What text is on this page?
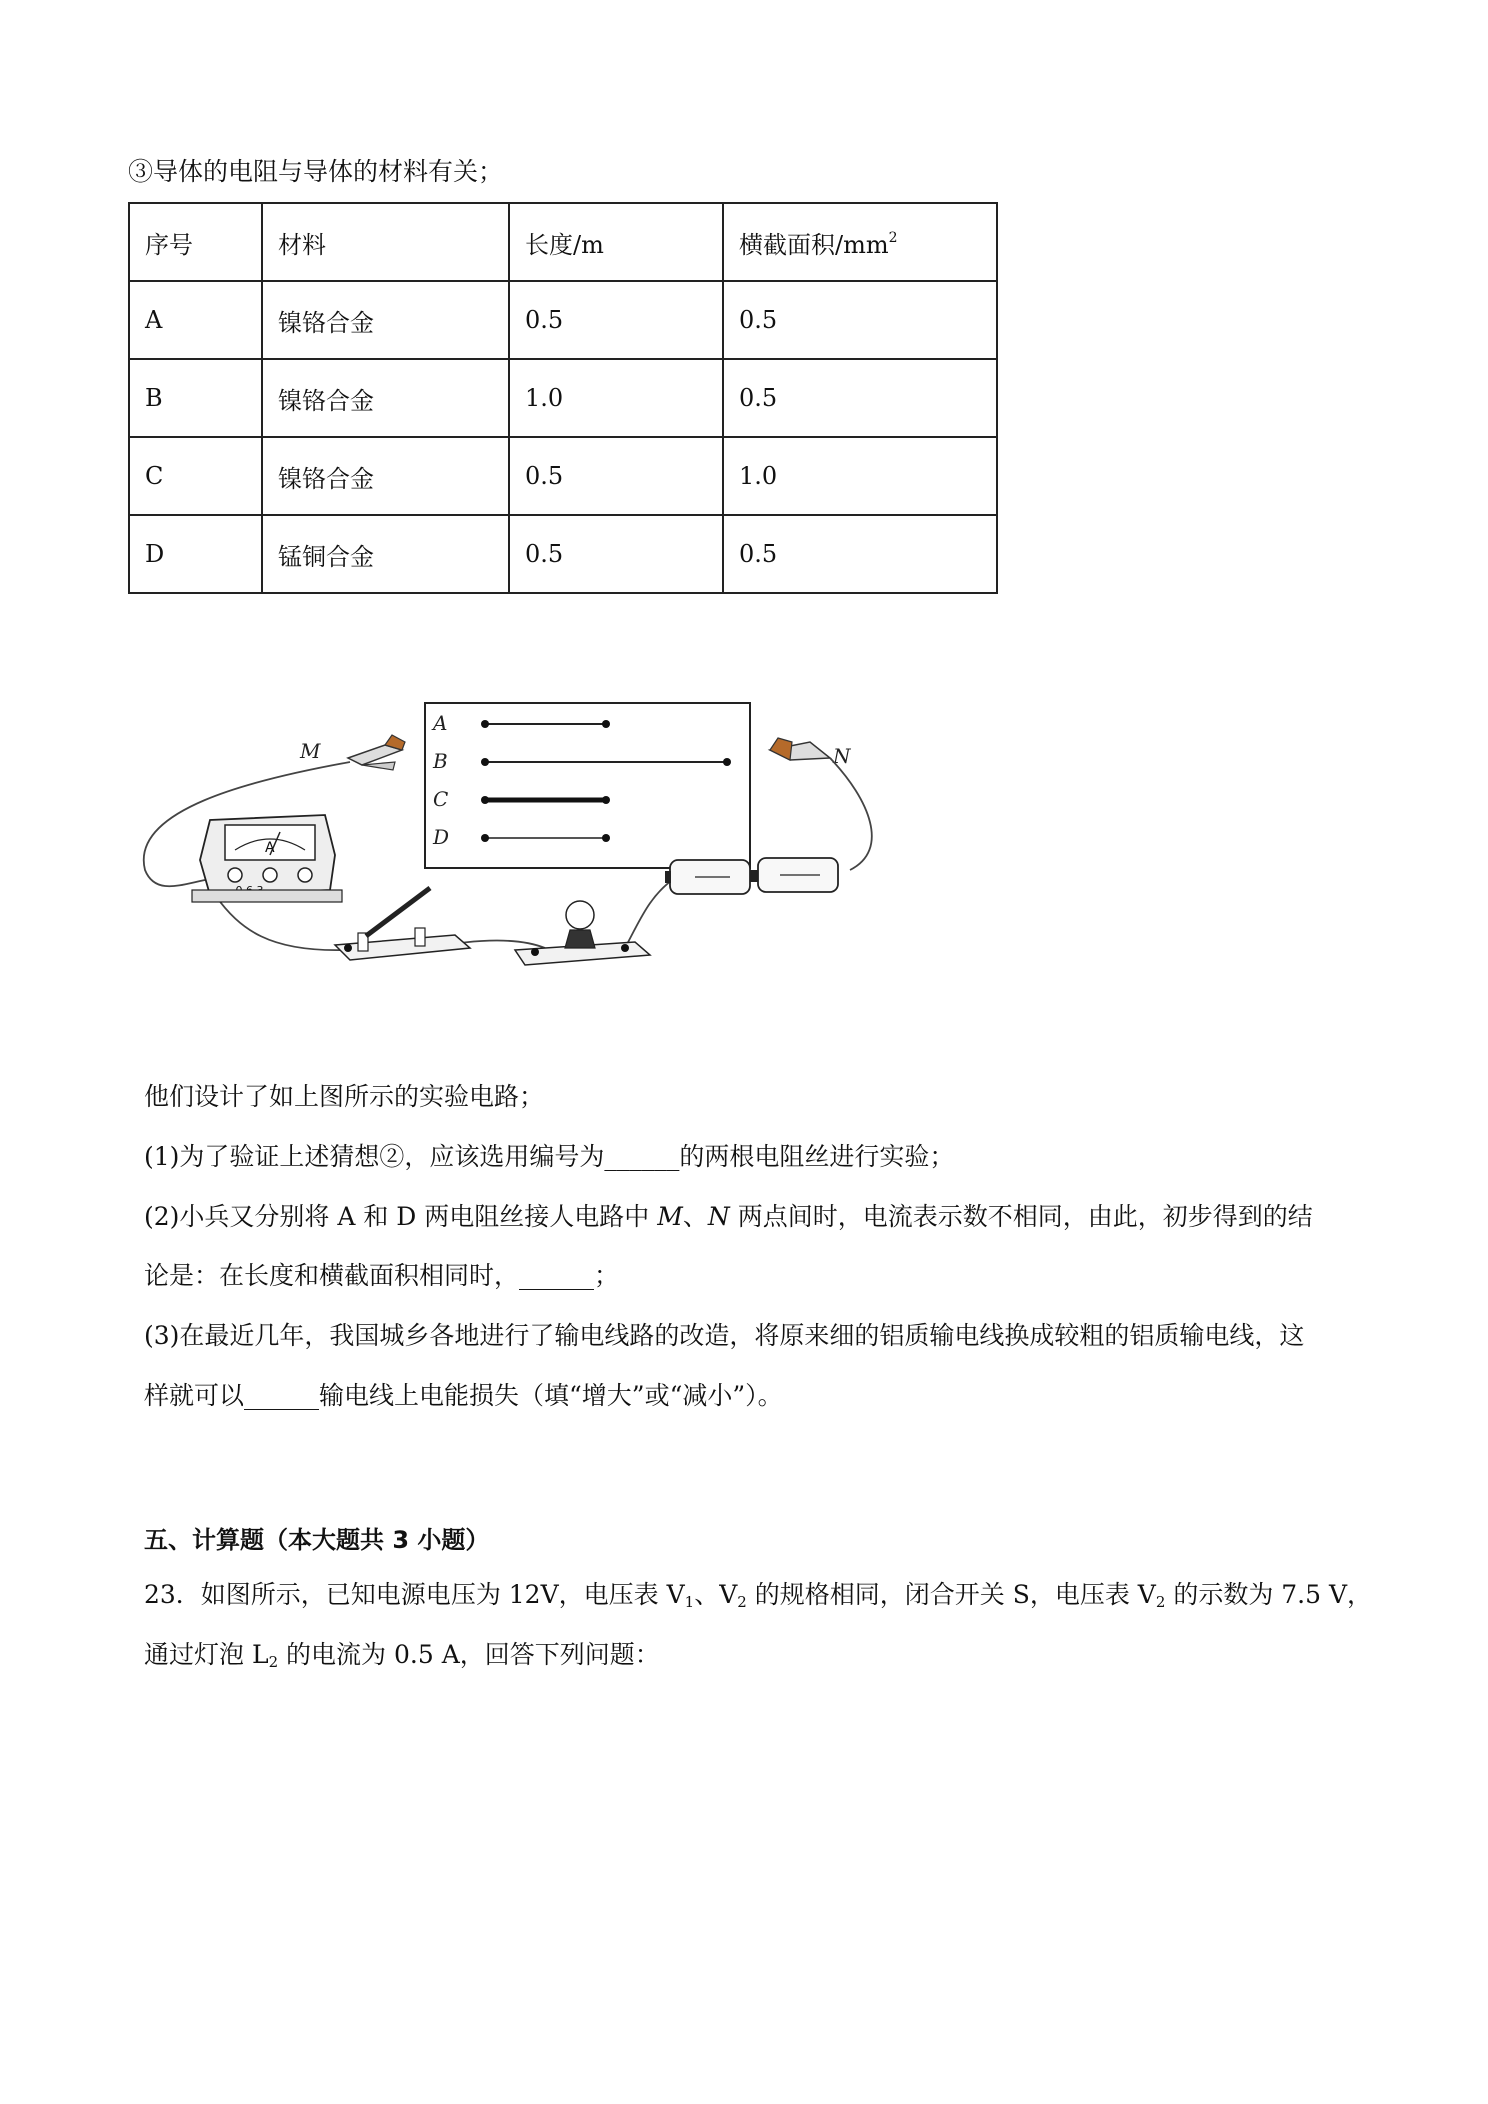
③导体的电阻与导体的材料有关；
序号	材料	长度/m	横截面积$/mm^2$
A	镍铬合金	0.5	0.5
B	镍铬合金	1.0	0.5
C	镍铬合金	0.5	1.0
D	锰铜合金	0.5	0.5
A
B
C
D
M	N
A
他们设计了如上图所示的实验电路；
(1)为了验证上述猜想②，应该选用编号为______的两根电阻丝进行实验；
(2)小兵又分别将 A 和 D 两电阻丝接人电路中 M、N 两点间时，电流表示数不相同，由此，初步得到的结
论是：在长度和横截面积相同时，______；
(3)在最近几年，我国城乡各地进行了输电线路的改造，将原来细的铝质输电线换成较粗的铝质输电线，这
样就可以______输电线上电能损失（填“增大”或“减小”）。
五、计算题（本大题共 3 小题）
23．如图所示，已知电源电压为 12V，电压表 $V_1$、$V_2$ 的规格相同，闭合开关 S，电压表 $V_2$ 的示数为 7.5 V，
通过灯泡 $L_2$ 的电流为 0.5 A，回答下列问题：
